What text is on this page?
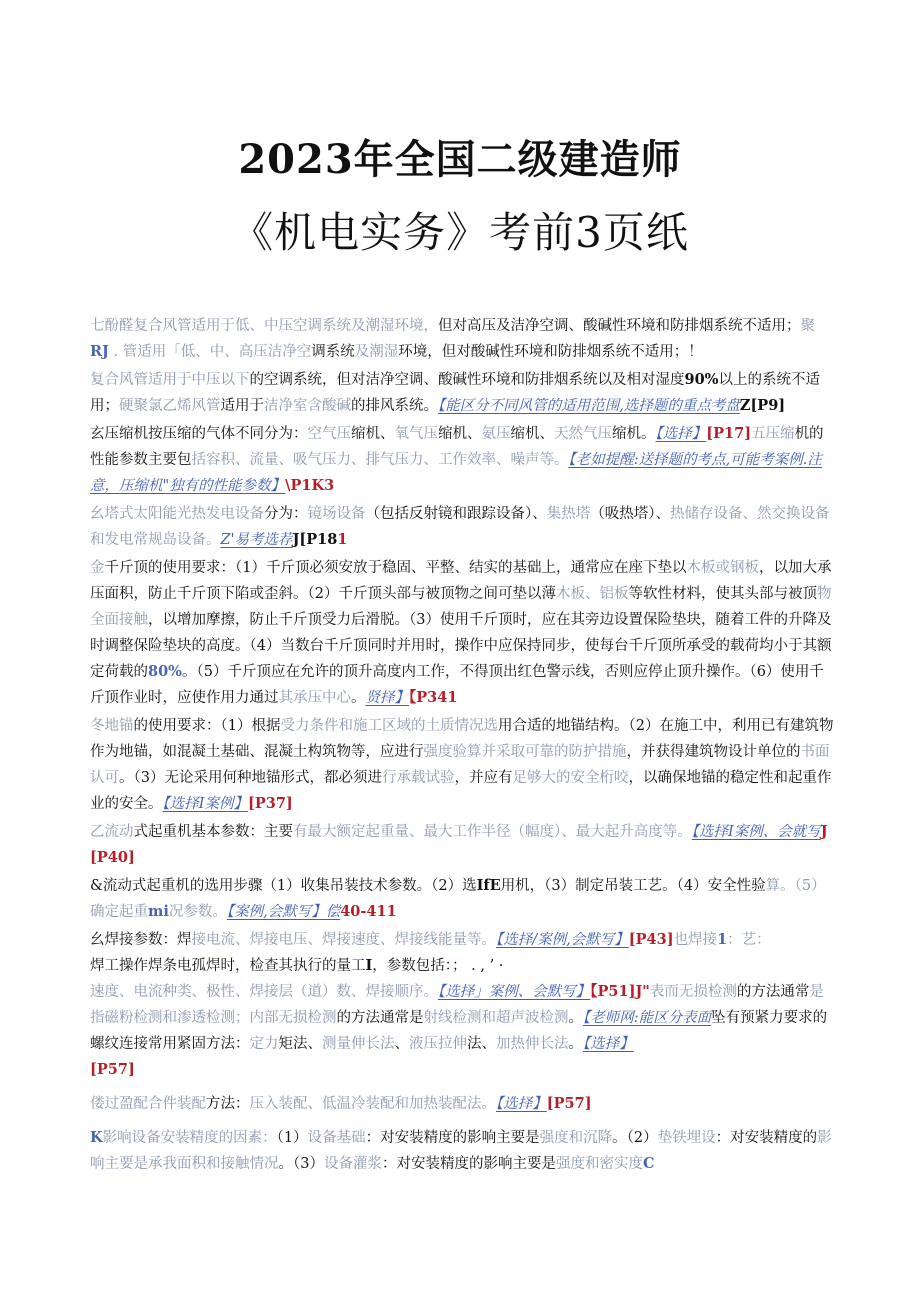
2023年全国二级建造师
《机电实务》考前3页纸

七酚醛复合风管适用于低、中压空调系统及潮湿环境，但对高压及洁净空调、酸碱性环境和防排烟系统不适用；聚
RJ . 管适用「低、中、高压洁净空调系统及潮湿环境，但对酸碱性环境和防排烟系统不适用；！

复合风管适用于中压以下的空调系统，但对洁净空调、酸碱性环境和防排烟系统以及相对湿度90%以上的系统不适用；硬聚氯乙烯风管适用于洁净室含酸碱的排风系统。【能区分不同风管的适用范围,选择题的重点考盘Z[P9]

玄压缩机按压缩的气体不同分为：空气压缩机、氧气压缩机、氨压缩机、天然气压缩机。【选择】[P17]五压缩机的性能参数主要包括容积、流量、吸气压力、排气压力、工作效率、噪声等。【老如提醒:送择题的考点,可能考案例.注意，压缩机"独有的性能参数】\P1K3

幺塔式太阳能光热发电设备分为：镜场设备（包括反射镜和跟踪设备）、集热塔（吸热塔）、热储存设备、然交换设备和发电常规岛设备。Z'易考选荐J[P181

金千斤顶的使用要求：（1）千斤顶必须安放于稳固、平整、结实的基础上，通常应在座下垫以木板或钢板，以加大承压面积，防止千斤顶下陷或歪斜。（2）千斤顶头部与被顶物之间可垫以薄木板、铝板等软性材料，使其头部与被顶物全面接触，以增加摩擦，防止千斤顶受力后滑脱。（3）使用千斤顶时，应在其旁边设置保险垫块，随着工件的升降及时调整保险垫块的高度。（4）当数台千斤顶同时并用时，操作中应保持同步，使每台千斤顶所承受的载荷均小于其额定荷载的80%。（5）千斤顶应在允许的顶升高度内工作，不得顶出红色警示线，否则应停止顶升操作。（6）使用千斤顶作业时，应使作用力通过其承压中心。贤择】【P341

冬地锚的使用要求：（1）根据受力条件和施工区域的土质情况选用合适的地锚结构。（2）在施工中，利用已有建筑物作为地锚，如混凝土基础、混凝土构筑物等，应进行强度验算并采取可靠的防护措施，并获得建筑物设计单位的书面认可。（3）无论采用何种地锚形式，都必须进行承载试验，并应有足够大的安全桁咬，以确保地锚的稳定性和起重作业的安全。【选择I案例】[P37]

乙流动式起重机基本参数：主要有最大额定起重量、最大工作半径（幅度）、最大起升高度等。【选择I案例、会就写J[P40]

&流动式起重机的选用步骤（1）收集吊装技术参数。（2）选IfE用机，（3）制定吊装工艺。（4）安全性验算。（5）确定起重mi况参数。【案例,会默写】偿40-411

幺焊接参数：焊接电流、焊接电压、焊接速度、焊接线能量等。【选择/案例,会默写】[P43]也焊接1：艺：
焊工操作焊条电孤焊时，检查其执行的量工I，参数包括：； . , ’ ·
速度、电流种类、极性、焊接层（道）数、焊接顺序。【选择」案例、会默写】【P51]J"表而无损检测的方法通常是指磁粉检测和渗透检测；内部无损检测的方法通常是射线检测和超声波检测。【老师网:能区分表面坠有预紧力要求的螺纹连接常用紧固方法：定力矩法、测量伸长法、液压拉伸法、加热伸长法。【选择】
[P57]

偻过盈配合件装配方法：压入装配、低温冷装配和加热装配法。【选择】[P57]

K影响设备安装精度的因素：（1）设备基础：对安装精度的影响主要是强度和沉降。（2）垫铁埋设：对安装精度的影响主要是承我面积和接触情况。（3）设备灌浆：对安装精度的影响主要是强度和密实度C
